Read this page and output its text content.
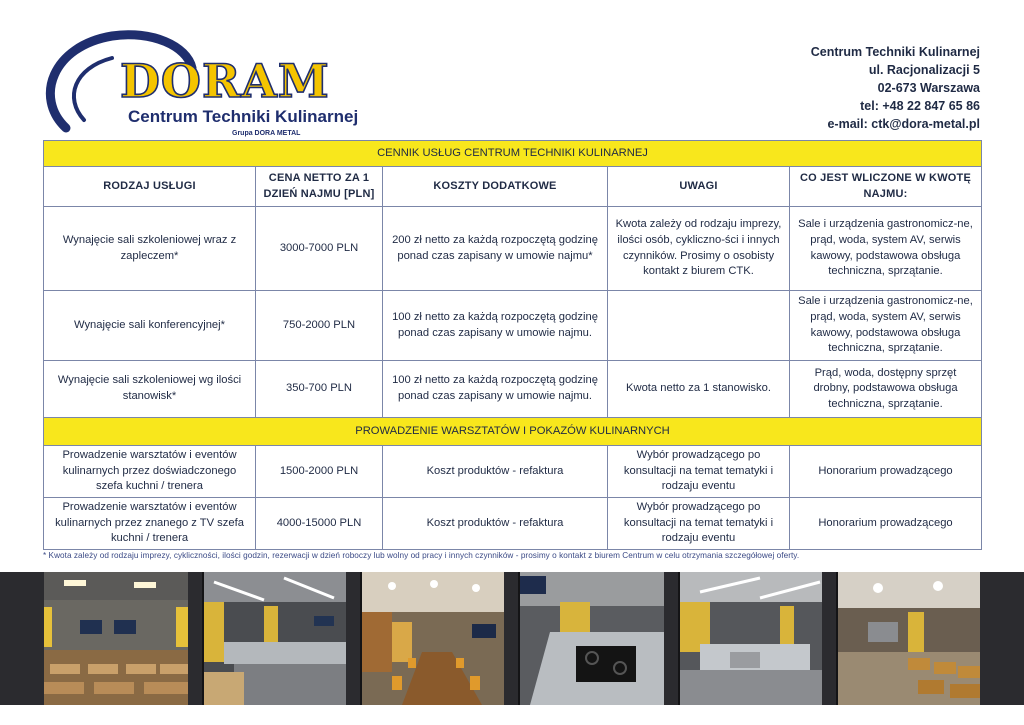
DORAM
Centrum Techniki Kulinarnej
Grupa DORA METAL
Centrum Techniki Kulinarnej
ul. Racjonalizacji 5
02-673 Warszawa
tel: +48 22 847 65 86
e-mail: ctk@dora-metal.pl
CENNIK USŁUG CENTRUM TECHNIKI KULINARNEJ				
RODZAJ USŁUGI	CENA NETTO ZA 1 DZIEŃ NAJMU [PLN]	KOSZTY DODATKOWE	UWAGI	CO JEST WLICZONE W KWOTĘ NAJMU:
Wynajęcie sali szkoleniowej wraz z zapleczem*	3000-7000 PLN	200 zł netto za każdą rozpoczętą godzinę ponad czas zapisany w umowie najmu*	Kwota zależy od rodzaju imprezy, ilości osób, cykliczno-ści i innych czynników. Prosimy o osobisty kontakt z biurem CTK.	Sale i urządzenia gastronomicz-ne, prąd, woda, system AV, serwis kawowy, podstawowa obsługa techniczna, sprzątanie.
Wynajęcie sali konferencyjnej*	750-2000 PLN	100 zł netto za każdą rozpoczętą godzinę ponad czas zapisany w umowie najmu.		Sale i urządzenia gastronomicz-ne, prąd, woda, system AV, serwis kawowy, podstawowa obsługa techniczna, sprzątanie.
Wynajęcie sali szkoleniowej wg ilości stanowisk*	350-700 PLN	100 zł netto za każdą rozpoczętą godzinę ponad czas zapisany w umowie najmu.	Kwota netto za 1 stanowisko.	Prąd, woda, dostępny sprzęt drobny, podstawowa obsługa techniczna, sprzątanie.
PROWADZENIE WARSZTATÓW I POKAZÓW KULINARNYCH				
Prowadzenie warsztatów i eventów kulinarnych przez doświadczonego szefa kuchni / trenera	1500-2000 PLN	Koszt produktów - refaktura	Wybór prowadzącego po konsultacji na temat tematyki i rodzaju eventu	Honorarium prowadzącego
Prowadzenie warsztatów i eventów kulinarnych przez znanego z TV szefa kuchni / trenera	4000-15000 PLN	Koszt produktów - refaktura	Wybór prowadzącego po konsultacji na temat tematyki i rodzaju eventu	Honorarium prowadzącego
* Kwota zależy od rodzaju imprezy, cykliczności, ilości godzin, rezerwacji w dzień roboczy lub wolny od pracy i innych czynników - prosimy o kontakt z biurem Centrum w celu otrzymania szczegółowej oferty.
